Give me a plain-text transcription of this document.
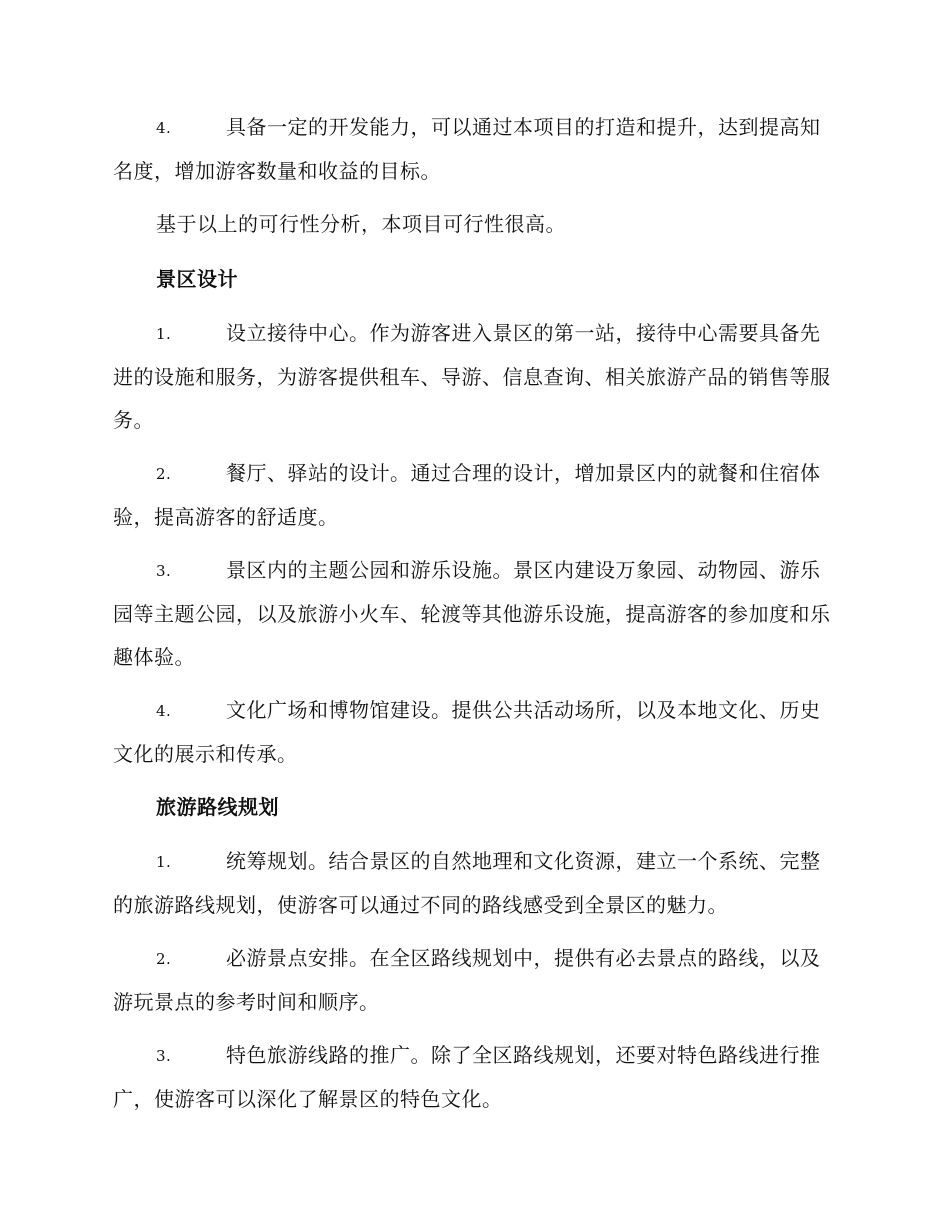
4.	具备一定的开发能力，可以通过本项目的打造和提升，达到提高知名度，增加游客数量和收益的目标。
基于以上的可行性分析，本项目可行性很高。
景区设计
1.	设立接待中心。作为游客进入景区的第一站，接待中心需要具备先进的设施和服务，为游客提供租车、导游、信息查询、相关旅游产品的销售等服务。
2.	餐厅、驿站的设计。通过合理的设计，增加景区内的就餐和住宿体验，提高游客的舒适度。
3.	景区内的主题公园和游乐设施。景区内建设万象园、动物园、游乐园等主题公园，以及旅游小火车、轮渡等其他游乐设施，提高游客的参加度和乐趣体验。
4.	文化广场和博物馆建设。提供公共活动场所，以及本地文化、历史文化的展示和传承。
旅游路线规划
1.	统筹规划。结合景区的自然地理和文化资源，建立一个系统、完整的旅游路线规划，使游客可以通过不同的路线感受到全景区的魅力。
2.	必游景点安排。在全区路线规划中，提供有必去景点的路线，以及游玩景点的参考时间和顺序。
3.	特色旅游线路的推广。除了全区路线规划，还要对特色路线进行推广，使游客可以深化了解景区的特色文化。
